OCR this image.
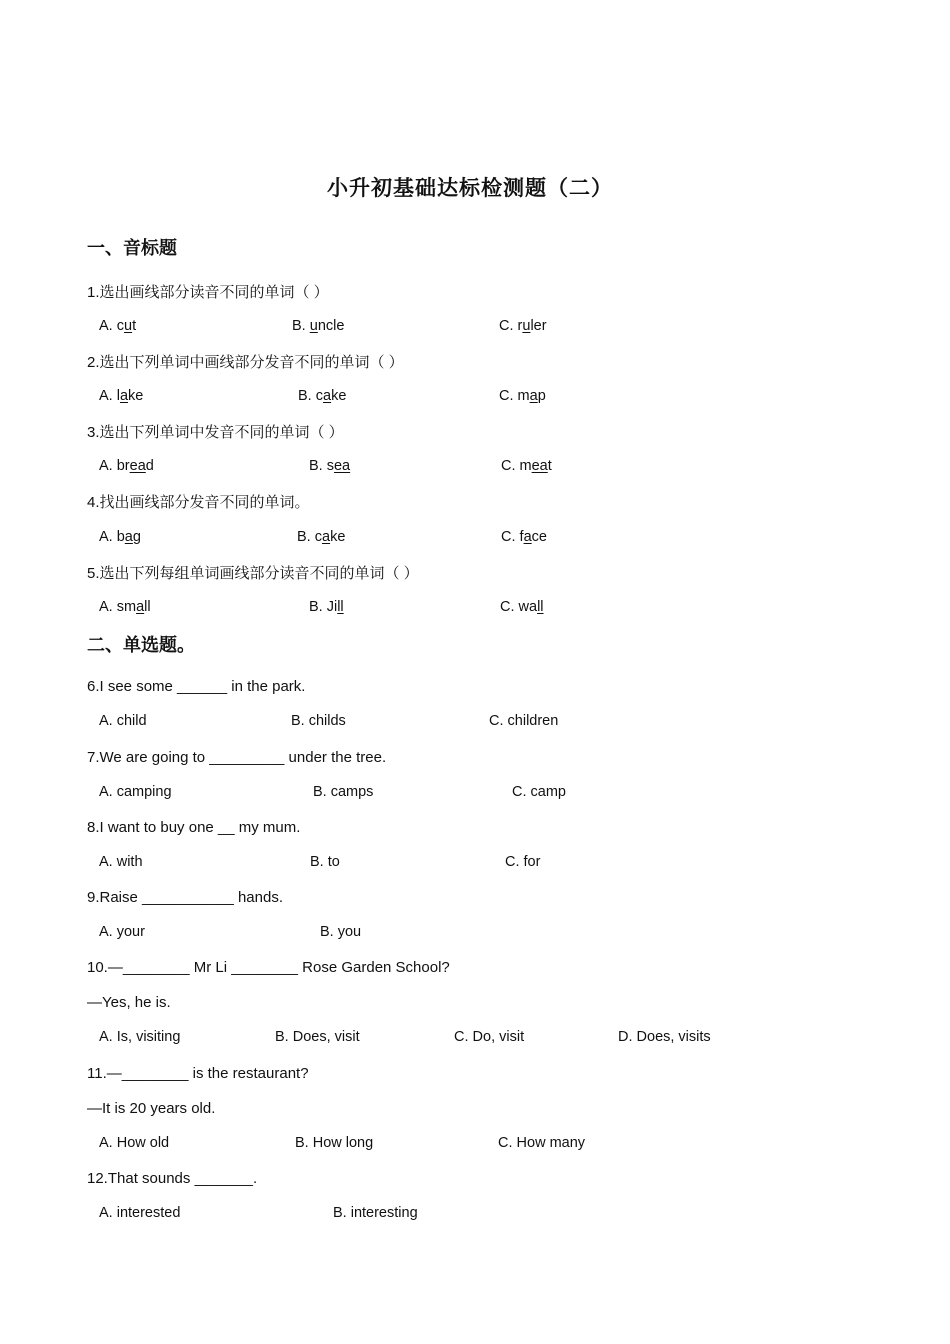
小升初基础达标检测题（二）
一、音标题
1.选出画线部分读音不同的单词（ ）
A. cut	B. uncle	C. ruler
2.选出下列单词中画线部分发音不同的单词（ ）
A. lake	B. cake	C. map
3.选出下列单词中发音不同的单词（ ）
A. bread	B. sea	C. meat
4.找出画线部分发音不同的单词。
A. bag	B. cake	C. face
5.选出下列每组单词画线部分读音不同的单词（ ）
A. small	B. Jill	C. wall
二、单选题。
6.I see some ______ in the park.
A. child	B. childs	C. children
7.We are going to _________ under the tree.
A. camping	B. camps	C. camp
8.I want to buy one __ my mum.
A. with	B. to	C. for
9.Raise ___________ hands.
A. your	B. you
10.—________ Mr Li ________ Rose Garden School?
—Yes, he is.
A. Is, visiting	B. Does, visit	C. Do, visit	D. Does, visits
11.—________ is the restaurant?
—It is 20 years old.
A. How old	B. How long	C. How many
12.That sounds _______.
A. interested	B. interesting
